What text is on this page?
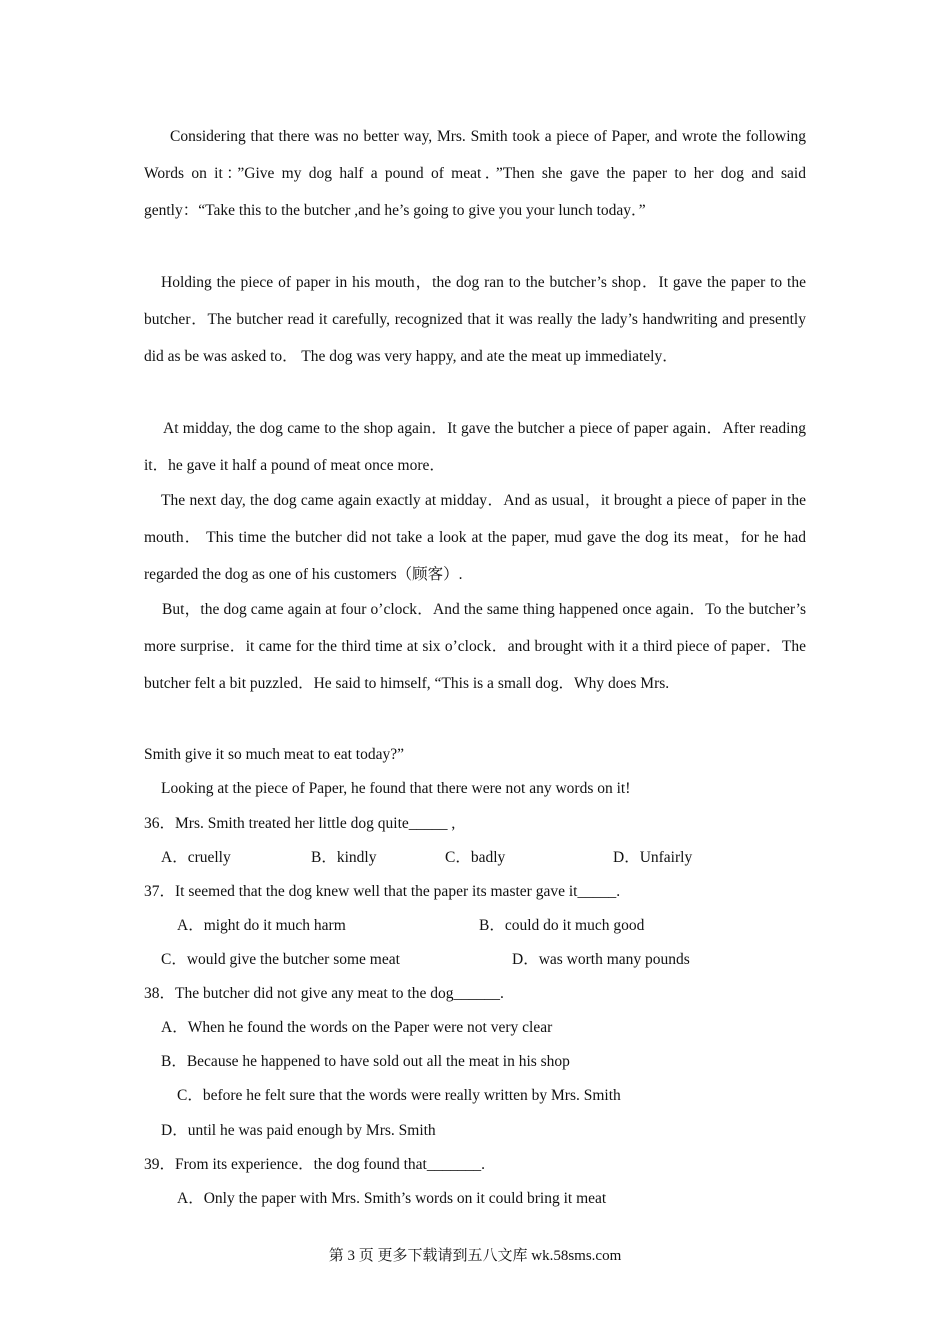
Considering that there was no better way, Mrs. Smith took a piece of Paper, and wrote the following Words on it：”Give my dog half a pound of meat．”Then she gave the paper to her dog and said gently：“Take this to the butcher ,and he’s going to give you your lunch today．”
Holding the piece of paper in his mouth，the dog ran to the butcher’s shop．It gave the paper to the butcher．The butcher read it carefully, recognized that it was really the lady’s handwriting and presently did as be was asked to． The dog was very happy, and ate the meat up immediately．
At midday, the dog came to the shop again．It gave the butcher a piece of paper again．After reading it．he gave it half a pound of meat once more．
The next day, the dog came again exactly at midday．And as usual，it brought a piece of paper in the mouth． This time the butcher did not take a look at the paper, mud gave the dog its meat，for he had regarded the dog as one of his customers（顾客）.
But，the dog came again at four o’clock．And the same thing happened once again．To the butcher’s more surprise．it came for the third time at six o’clock．and brought with it a third piece of paper．The butcher felt a bit puzzled．He said to himself, “This is a small dog．Why does Mrs.
Smith give it so much meat to eat today?”
Looking at the piece of Paper, he found that there were not any words on it!
36．Mrs. Smith treated her little dog quite_____ ,
A．cruelly	B．kindly	C．badly	D．Unfairly
37．It seemed that the dog knew well that the paper its master gave it_____.
A．might do it much harm	B．could do it much good
C．would give the butcher some meat	D．was worth many pounds
38．The butcher did not give any meat to the dog______.
A．When he found the words on the Paper were not very clear
B．Because he happened to have sold out all the meat in his shop
C．before he felt sure that the words were really written by Mrs. Smith
D．until he was paid enough by Mrs. Smith
39．From its experience．the dog found that_______.
A．Only the paper with Mrs. Smith’s words on it could bring it meat
第 3 页 更多下载请到五八文库 wk.58sms.com
